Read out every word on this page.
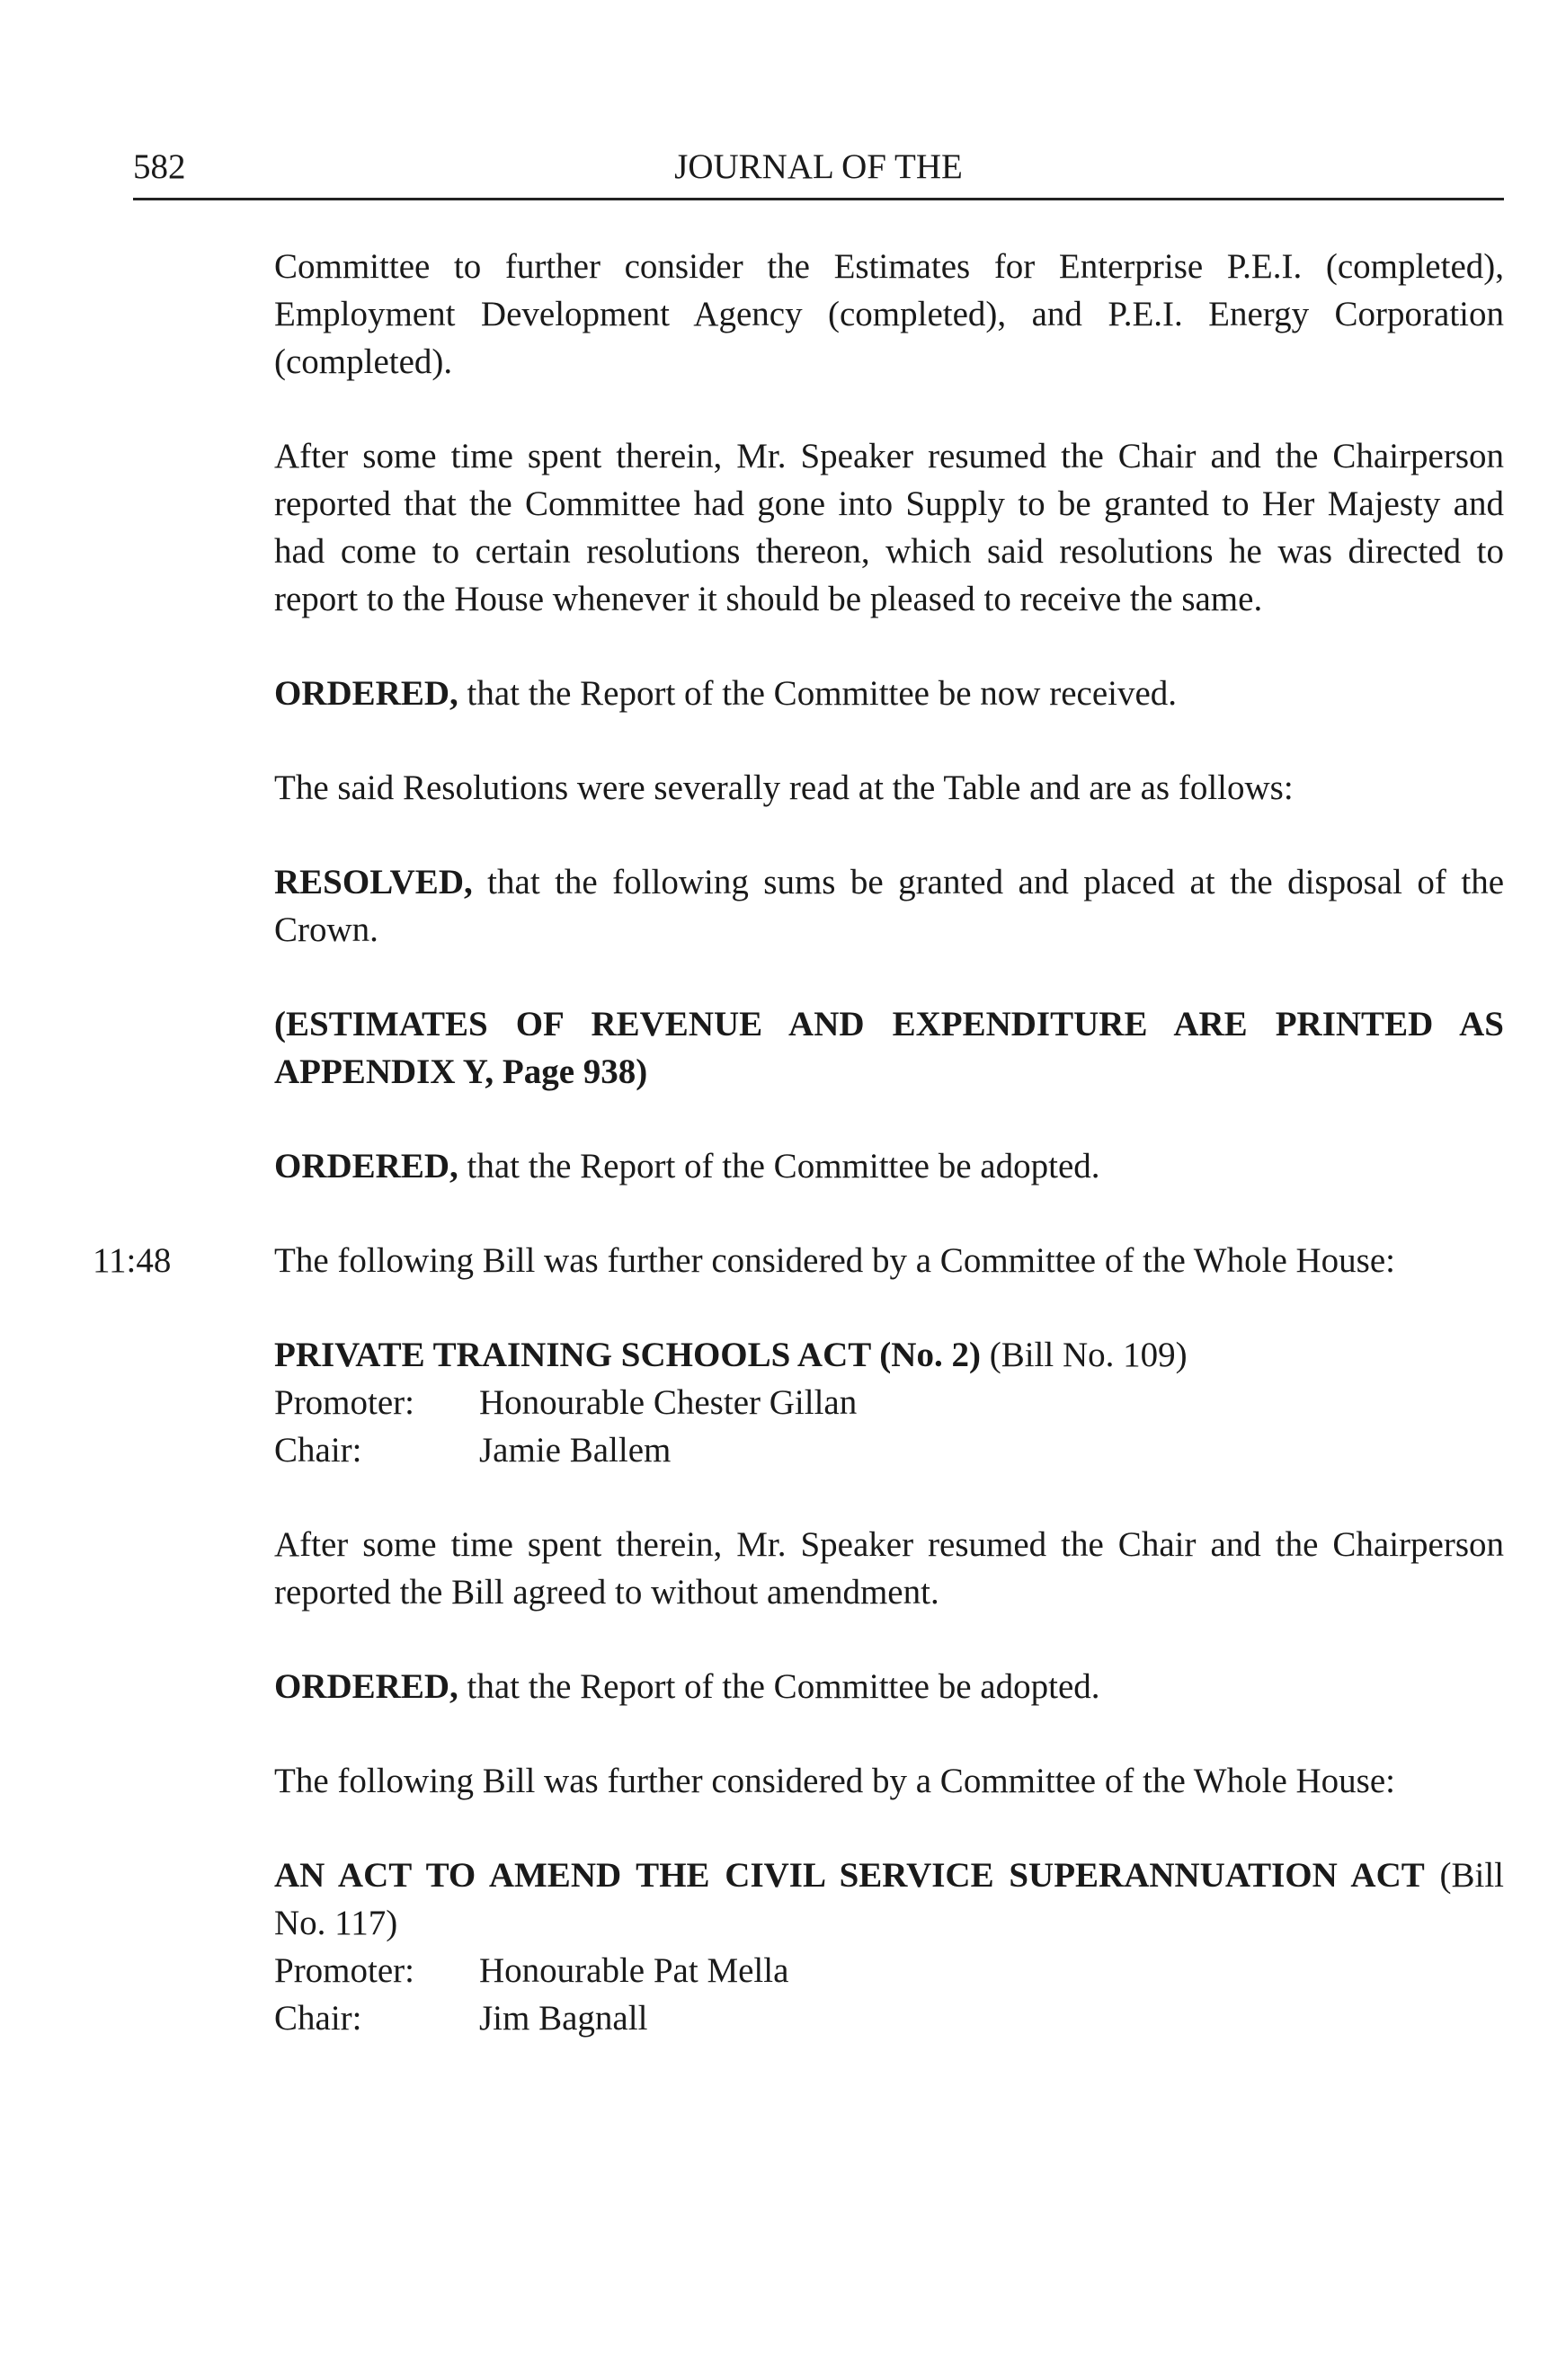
582	JOURNAL OF THE

Committee to further consider the Estimates for Enterprise P.E.I. (completed), Employment Development Agency (completed), and P.E.I. Energy Corporation (completed).

After some time spent therein, Mr. Speaker resumed the Chair and the Chairperson reported that the Committee had gone into Supply to be granted to Her Majesty and had come to certain resolutions thereon, which said resolutions he was directed to report to the House whenever it should be pleased to receive the same.

ORDERED, that the Report of the Committee be now received.

The said Resolutions were severally read at the Table and are as follows:

RESOLVED, that the following sums be granted and placed at the disposal of the Crown.

(ESTIMATES OF REVENUE AND EXPENDITURE ARE PRINTED AS APPENDIX Y, Page 938)

ORDERED, that the Report of the Committee be adopted.

11:48	The following Bill was further considered by a Committee of the Whole House:

PRIVATE TRAINING SCHOOLS ACT (No. 2) (Bill No. 109)

Promoter:	Honourable Chester Gillan
Chair:	Jamie Ballem

After some time spent therein, Mr. Speaker resumed the Chair and the Chairperson reported the Bill agreed to without amendment.

ORDERED, that the Report of the Committee be adopted.

The following Bill was further considered by a Committee of the Whole House:

AN ACT TO AMEND THE CIVIL SERVICE SUPERANNUATION ACT (Bill No. 117)

Promoter:	Honourable Pat Mella
Chair:	Jim Bagnall
